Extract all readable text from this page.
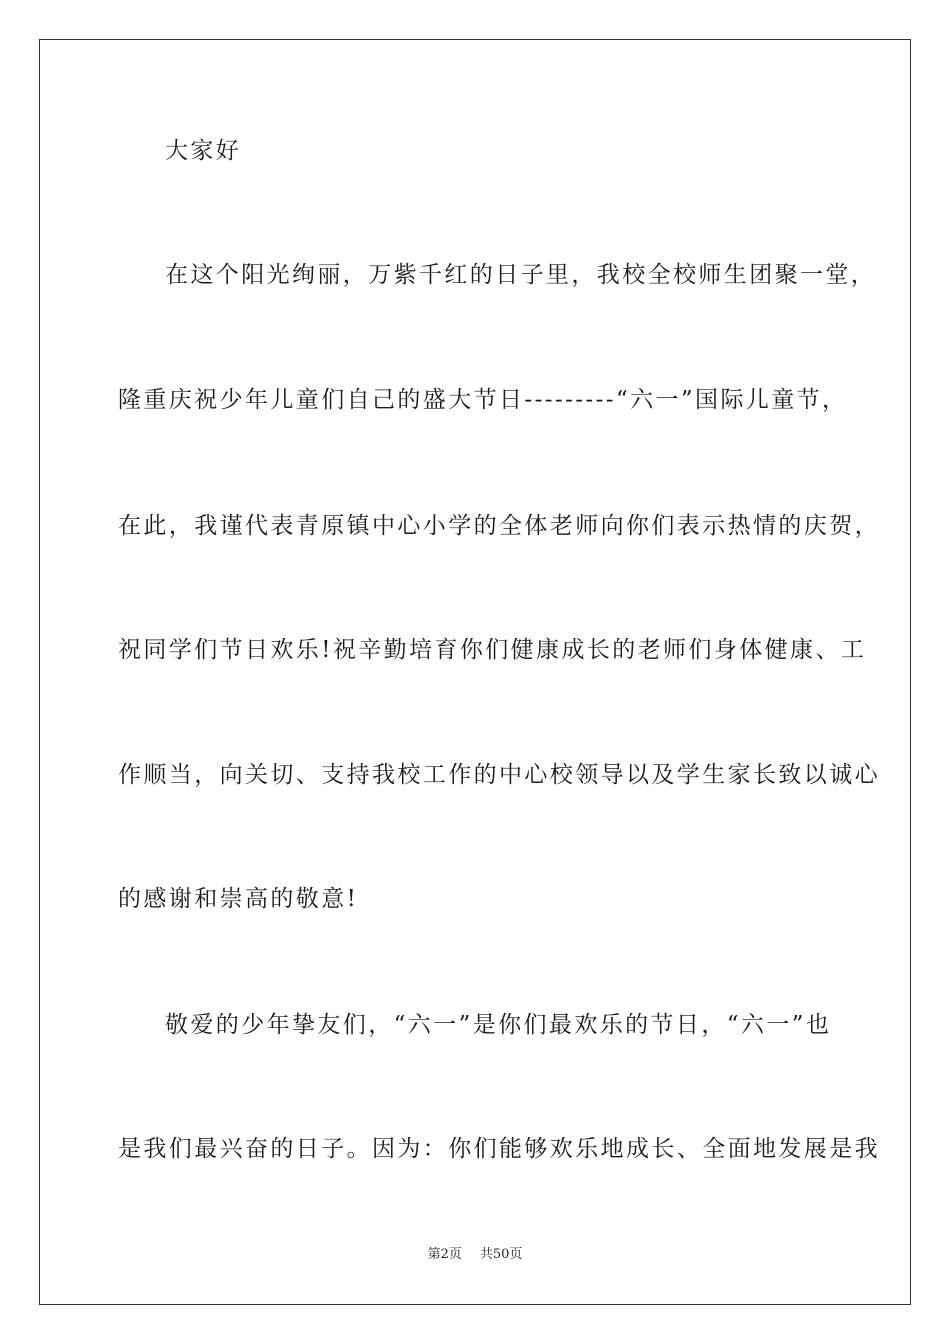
大家好
在这个阳光绚丽，万紫千红的日子里，我校全校师生团聚一堂，
隆重庆祝少年儿童们自己的盛大节日---------“六一”国际儿童节，
在此，我谨代表青原镇中心小学的全体老师向你们表示热情的庆贺，
祝同学们节日欢乐!祝辛勤培育你们健康成长的老师们身体健康、工
作顺当，向关切、支持我校工作的中心校领导以及学生家长致以诚心
的感谢和崇高的敬意!
敬爱的少年挚友们，“六一”是你们最欢乐的节日，“六一”也
是我们最兴奋的日子。因为：你们能够欢乐地成长、全面地发展是我
第2页 共50页
